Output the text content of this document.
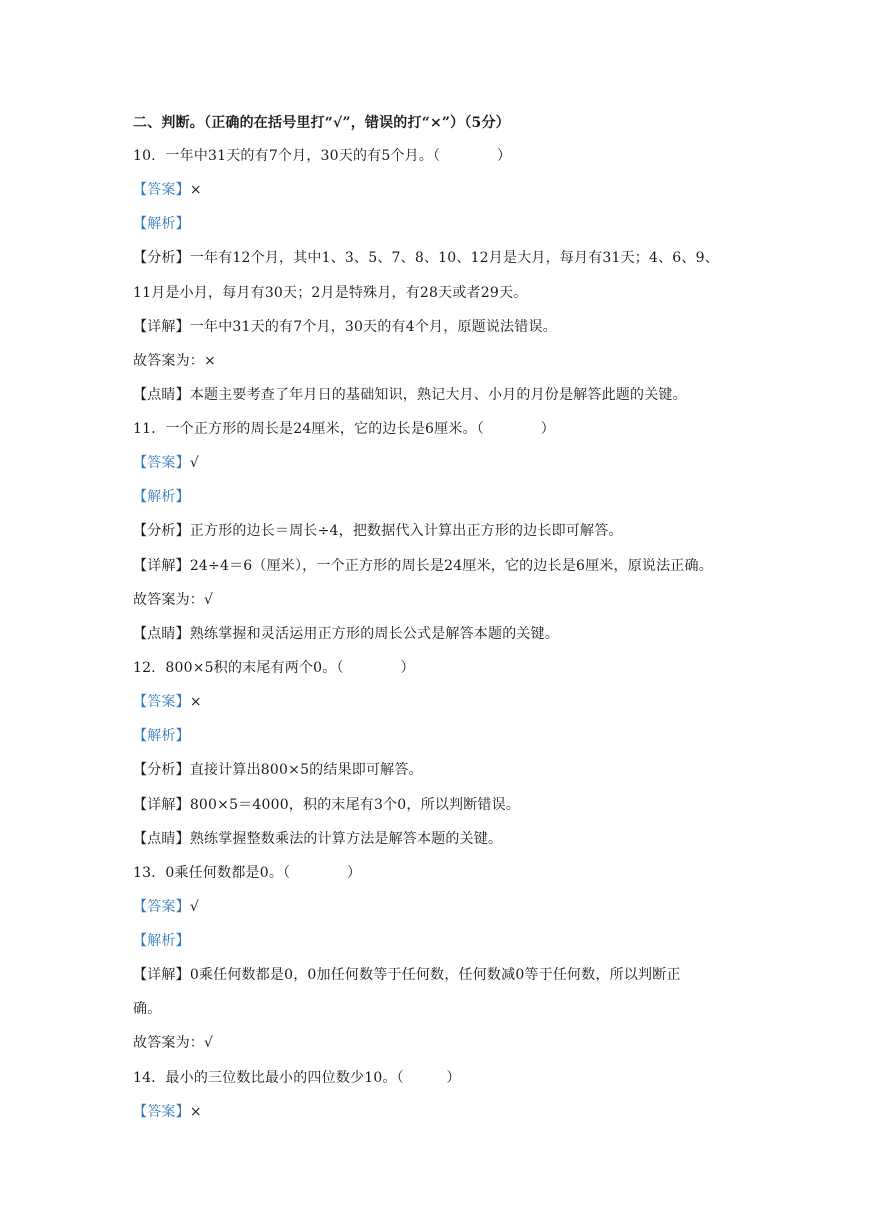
二、判断。（正确的在括号里打“√”，错误的打“×”）（5分）
10．一年中31天的有7个月，30天的有5个月。（　　　　）
【答案】×
【解析】
【分析】一年有12个月，其中1、3、5、7、8、10、12月是大月，每月有31天；4、6、9、
11月是小月，每月有30天；2月是特殊月，有28天或者29天。
【详解】一年中31天的有7个月，30天的有4个月，原题说法错误。
故答案为：×
【点睛】本题主要考查了年月日的基础知识，熟记大月、小月的月份是解答此题的关键。
11．一个正方形的周长是24厘米，它的边长是6厘米。（　　　　）
【答案】√
【解析】
【分析】正方形的边长＝周长÷4，把数据代入计算出正方形的边长即可解答。
【详解】24÷4＝6（厘米），一个正方形的周长是24厘米，它的边长是6厘米，原说法正确。
故答案为：√
【点睛】熟练掌握和灵活运用正方形的周长公式是解答本题的关键。
12．800×5积的末尾有两个0。（　　　　）
【答案】×
【解析】
【分析】直接计算出800×5的结果即可解答。
【详解】800×5＝4000，积的末尾有3个0，所以判断错误。
【点睛】熟练掌握整数乘法的计算方法是解答本题的关键。
13．0乘任何数都是0。（　　　　）
【答案】√
【解析】
【详解】0乘任何数都是0，0加任何数等于任何数，任何数减0等于任何数，所以判断正
确。
故答案为：√
14．最小的三位数比最小的四位数少10。（　　　）
【答案】×
